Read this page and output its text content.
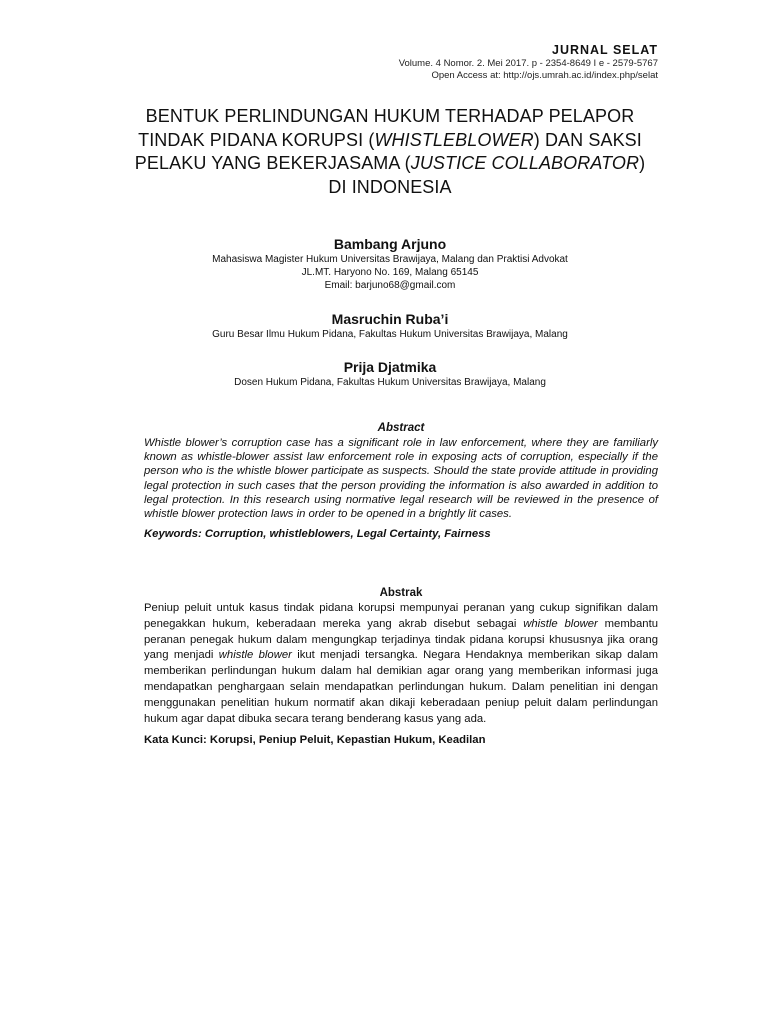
JURNAL SELAT
Volume. 4 Nomor. 2. Mei 2017. p - 2354-8649 I e - 2579-5767
Open Access at: http://ojs.umrah.ac.id/index.php/selat
BENTUK PERLINDUNGAN HUKUM TERHADAP PELAPOR
TINDAK PIDANA KORUPSI (WHISTLEBLOWER) DAN SAKSI
PELAKU YANG BEKERJASAMA (JUSTICE COLLABORATOR)
DI INDONESIA
Bambang Arjuno
Mahasiswa Magister Hukum Universitas Brawijaya, Malang dan Praktisi Advokat
JL.MT. Haryono No. 169, Malang 65145
Email: barjuno68@gmail.com
Masruchin Ruba’i
Guru Besar Ilmu Hukum Pidana, Fakultas Hukum Universitas Brawijaya, Malang
Prija Djatmika
Dosen Hukum Pidana, Fakultas Hukum Universitas Brawijaya, Malang
Abstract

Whistle blower’s corruption case has a significant role in law enforcement, where they are familiarly known as whistle-blower assist law enforcement role in exposing acts of corruption, especially if the person who is the whistle blower participate as suspects. Should the state provide attitude in providing legal protection in such cases that the person providing the information is also awarded in addition to legal protection. In this research using normative legal research will be reviewed in the presence of whistle blower protection laws in order to be opened in a brightly lit cases.

Keywords: Corruption, whistleblowers, Legal Certainty, Fairness
Abstrak

Peniup peluit untuk kasus tindak pidana korupsi mempunyai peranan yang cukup signifikan dalam penegakkan hukum, keberadaan mereka yang akrab disebut sebagai whistle blower membantu peranan penegak hukum dalam mengungkap terjadinya tindak pidana korupsi khususnya jika orang yang menjadi whistle blower ikut menjadi tersangka. Negara Hendaknya memberikan sikap dalam memberikan perlindungan hukum dalam hal demikian agar orang yang memberikan informasi juga mendapatkan penghargaan selain mendapatkan perlindungan hukum. Dalam penelitian ini dengan menggunakan penelitian hukum normatif akan dikaji keberadaan peniup peluit dalam perlindungan hukum agar dapat dibuka secara terang benderang kasus yang ada.

Kata Kunci: Korupsi, Peniup Peluit, Kepastian Hukum, Keadilan
